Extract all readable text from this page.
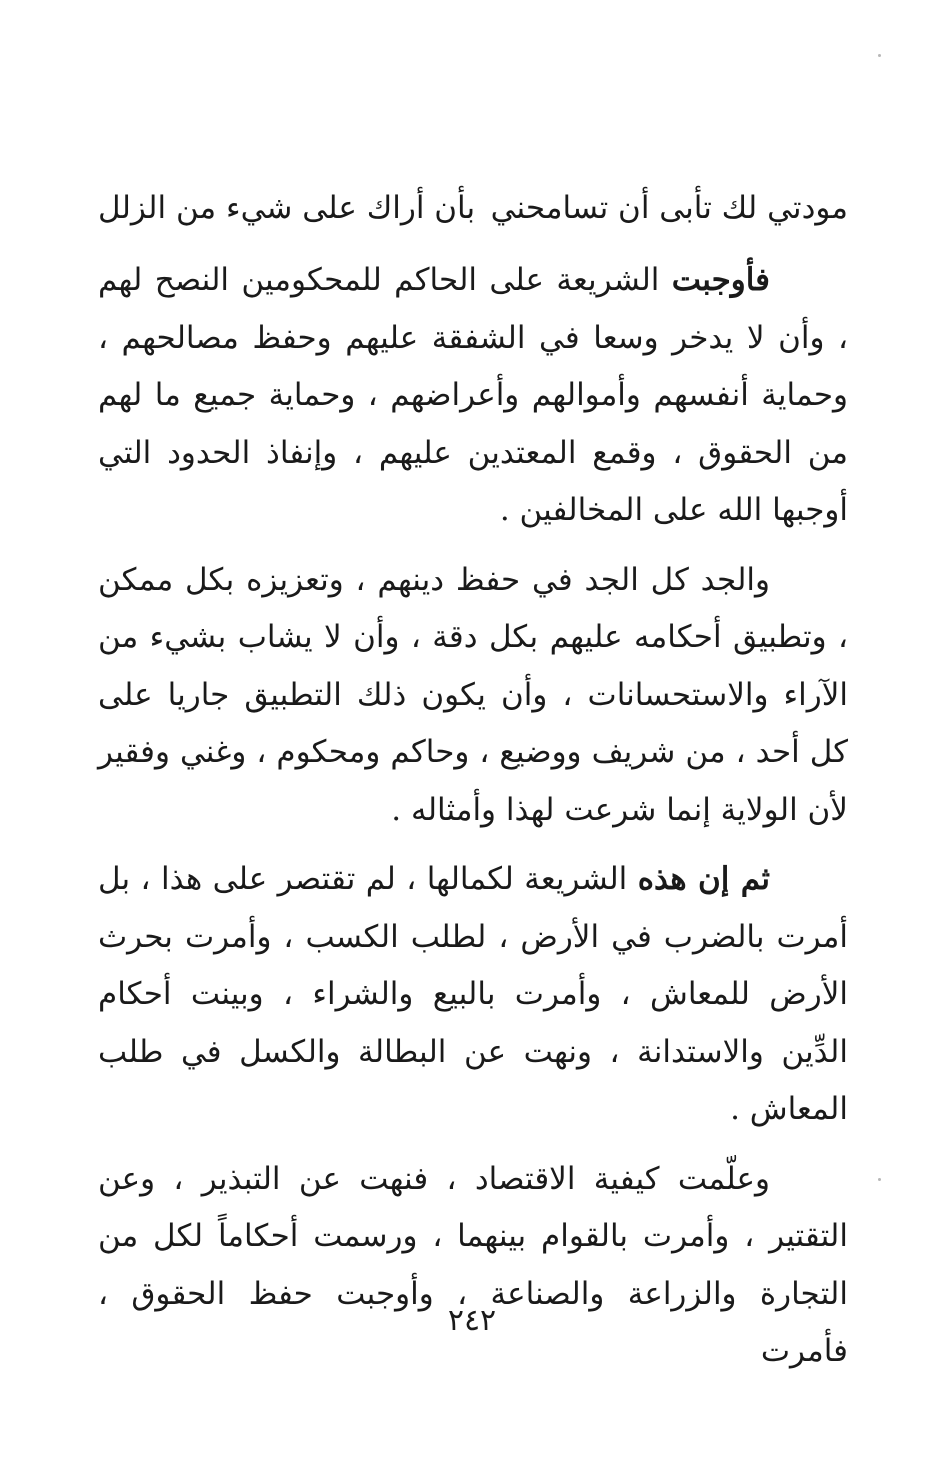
مودتي لك تأبى أن تسامحني
بأن أراك على شيء من الزلل

فأوجبت الشريعة على الحاكم للمحكومين النصح لهم ، وأن لا يدخر وسعا في الشفقة عليهم وحفظ مصالحهم ، وحماية أنفسهم وأموالهم وأعراضهم ، وحماية جميع ما لهم من الحقوق ، وقمع المعتدين عليهم ، وإنفاذ الحدود التي أوجبها الله على المخالفين .

والجد كل الجد في حفظ دينهم ، وتعزيزه بكل ممكن ، وتطبيق أحكامه عليهم بكل دقة ، وأن لا يشاب بشيء من الآراء والاستحسانات ، وأن يكون ذلك التطبيق جاريا على كل أحد ، من شريف ووضيع ، وحاكم ومحكوم ، وغني وفقير لأن الولاية إنما شرعت لهذا وأمثاله .

ثم إن هذه الشريعة لكمالها ، لم تقتصر على هذا ، بل أمرت بالضرب في الأرض ، لطلب الكسب ، وأمرت بحرث الأرض للمعاش ، وأمرت بالبيع والشراء ، وبينت أحكام الدِّين والاستدانة ، ونهت عن البطالة والكسل في طلب المعاش .

وعلّمت كيفية الاقتصاد ، فنهت عن التبذير ، وعن التقتير ، وأمرت بالقوام بينهما ، ورسمت أحكاماً لكل من التجارة والزراعة والصناعة ، وأوجبت حفظ الحقوق ، فأمرت

٢٤٢
